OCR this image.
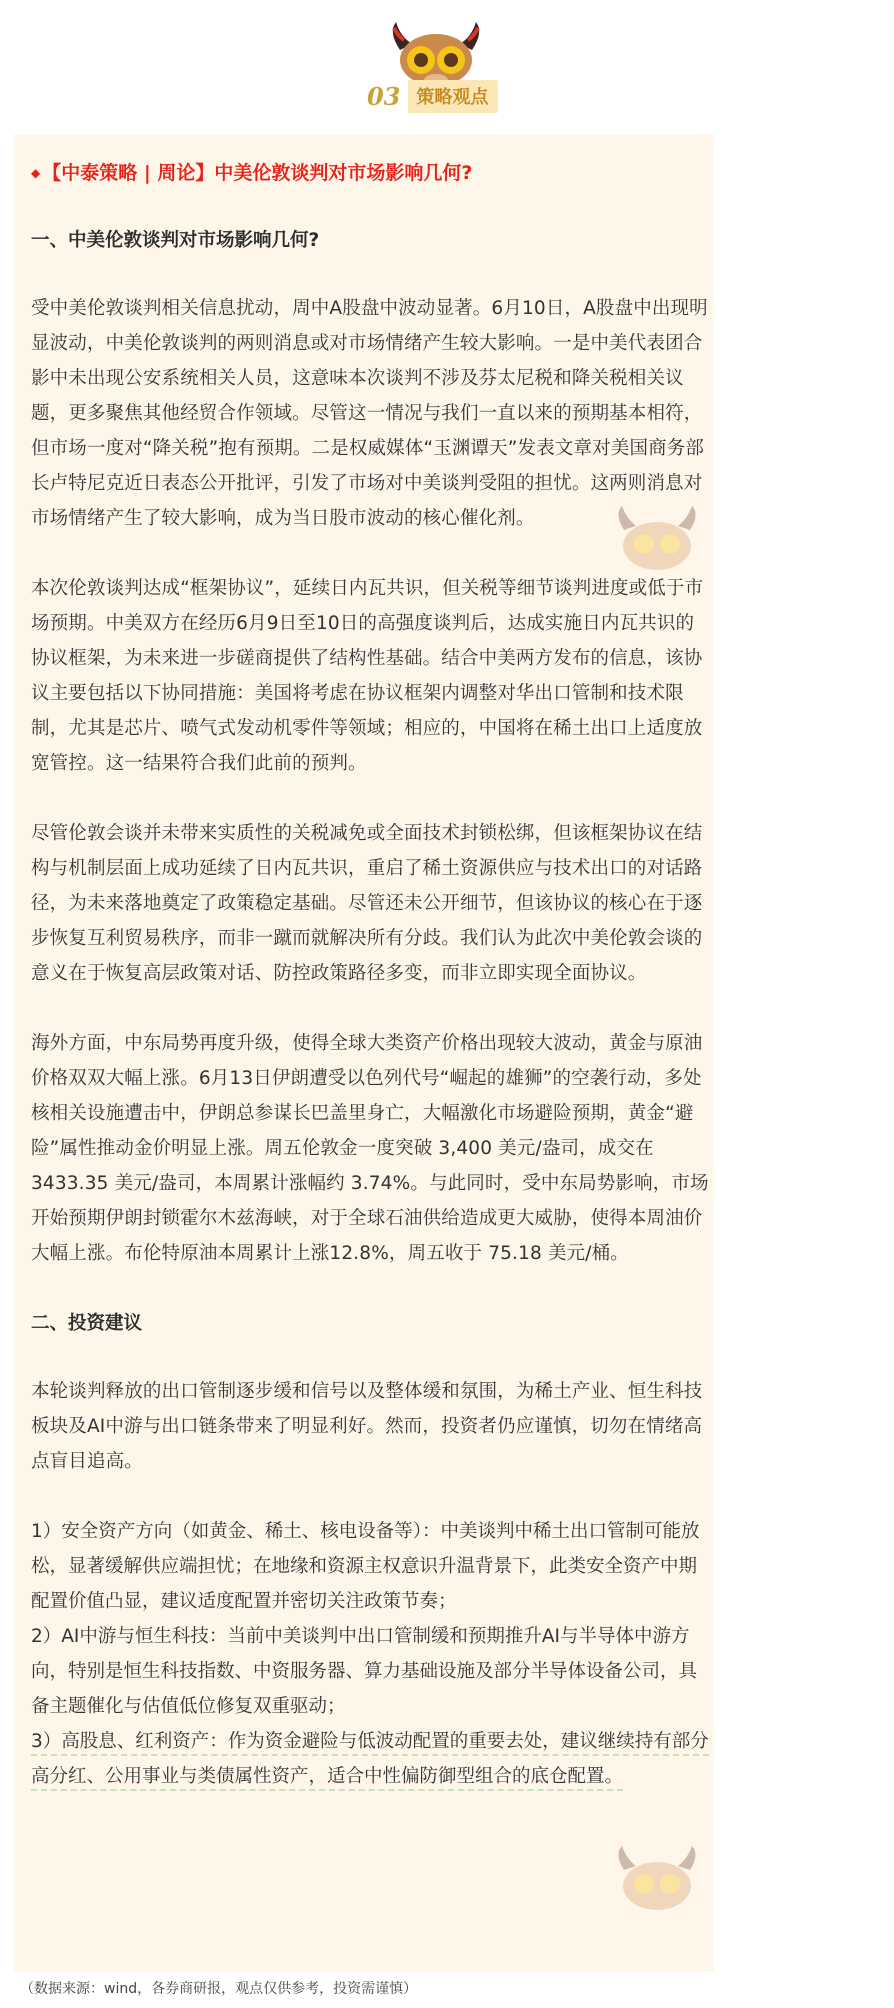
03 策略观点

◆ 【中泰策略 | 周论】中美伦敦谈判对市场影响几何?

一、中美伦敦谈判对市场影响几何?

受中美伦敦谈判相关信息扰动，周中A股盘中波动显著。6月10日，A股盘中出现明显波动，中美伦敦谈判的两则消息或对市场情绪产生较大影响。一是中美代表团合影中未出现公安系统相关人员，这意味本次谈判不涉及芬太尼税和降关税相关议题，更多聚焦其他经贸合作领域。尽管这一情况与我们一直以来的预期基本相符，但市场一度对“降关税”抱有预期。二是权威媒体“玉渊谭天”发表文章对美国商务部长卢特尼克近日表态公开批评，引发了市场对中美谈判受阻的担忧。这两则消息对市场情绪产生了较大影响，成为当日股市波动的核心催化剂。

本次伦敦谈判达成“框架协议”，延续日内瓦共识，但关税等细节谈判进度或低于市场预期。中美双方在经历6月9日至10日的高强度谈判后，达成实施日内瓦共识的协议框架，为未来进一步磋商提供了结构性基础。结合中美两方发布的信息，该协议主要包括以下协同措施：美国将考虑在协议框架内调整对华出口管制和技术限制，尤其是芯片、喷气式发动机零件等领域；相应的，中国将在稀土出口上适度放宽管控。这一结果符合我们此前的预判。

尽管伦敦会谈并未带来实质性的关税减免或全面技术封锁松绑，但该框架协议在结构与机制层面上成功延续了日内瓦共识，重启了稀土资源供应与技术出口的对话路径，为未来落地奠定了政策稳定基础。尽管还未公开细节，但该协议的核心在于逐步恢复互利贸易秩序，而非一蹴而就解决所有分歧。我们认为此次中美伦敦会谈的意义在于恢复高层政策对话、防控政策路径多变，而非立即实现全面协议。

海外方面，中东局势再度升级，使得全球大类资产价格出现较大波动，黄金与原油价格双双大幅上涨。6月13日伊朗遭受以色列代号“崛起的雄狮”的空袭行动，多处核相关设施遭击中，伊朗总参谋长巴盖里身亡，大幅激化市场避险预期，黄金“避险”属性推动金价明显上涨。周五伦敦金一度突破 3,400 美元/盎司，成交在 3433.35 美元/盎司，本周累计涨幅约 3.74%。与此同时，受中东局势影响，市场开始预期伊朗封锁霍尔木兹海峡，对于全球石油供给造成更大威胁，使得本周油价大幅上涨。布伦特原油本周累计上涨12.8%，周五收于 75.18 美元/桶。

二、投资建议

本轮谈判释放的出口管制逐步缓和信号以及整体缓和氛围，为稀土产业、恒生科技板块及AI中游与出口链条带来了明显利好。然而，投资者仍应谨慎，切勿在情绪高点盲目追高。

1）安全资产方向（如黄金、稀土、核电设备等）：中美谈判中稀土出口管制可能放松，显著缓解供应端担忧；在地缘和资源主权意识升温背景下，此类安全资产中期配置价值凸显，建议适度配置并密切关注政策节奏；

2）AI中游与恒生科技：当前中美谈判中出口管制缓和预期推升AI与半导体中游方向，特别是恒生科技指数、中资服务器、算力基础设施及部分半导体设备公司，具备主题催化与估值低位修复双重驱动；

3）高股息、红利资产：作为资金避险与低波动配置的重要去处，建议继续持有部分高分红、公用事业与类债属性资产，适合中性偏防御型组合的底仓配置。

（数据来源：wind，各券商研报，观点仅供参考，投资需谨慎）
